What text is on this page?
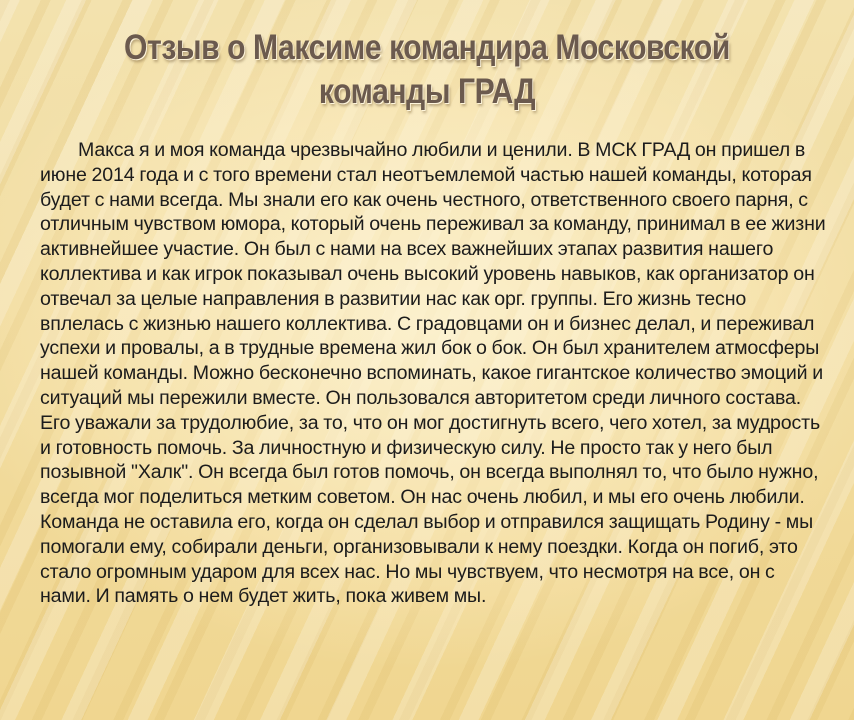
Отзыв о Максиме командира Московской
команды ГРАД

Макса я и моя команда чрезвычайно любили и ценили. В МСК ГРАД он пришел в июне 2014 года и с того времени стал неотъемлемой частью нашей команды, которая будет с нами всегда. Мы знали его как очень честного, ответственного своего парня, с отличным чувством юмора, который очень переживал за команду, принимал в ее жизни активнейшее участие. Он был с нами на всех важнейших этапах развития нашего коллектива и как игрок показывал очень высокий уровень навыков, как организатор он отвечал за целые направления в развитии нас как орг. группы. Его жизнь тесно вплелась с жизнью нашего коллектива. С градовцами он и бизнес делал, и переживал успехи и провалы, а в трудные времена жил бок о бок. Он был хранителем атмосферы нашей команды. Можно бесконечно вспоминать, какое гигантское количество эмоций и ситуаций мы пережили вместе. Он пользовался авторитетом среди личного состава. Его уважали за трудолюбие, за то, что он мог достигнуть всего, чего хотел, за мудрость и готовность помочь. За личностную и физическую силу. Не просто так у него был позывной "Халк". Он всегда был готов помочь, он всегда выполнял то, что было нужно, всегда мог поделиться метким советом. Он нас очень любил, и мы его очень любили. Команда не оставила его, когда он сделал выбор и отправился защищать Родину - мы помогали ему, собирали деньги, организовывали к нему поездки. Когда он погиб, это стало огромным ударом для всех нас. Но мы чувствуем, что несмотря на все, он с нами. И память о нем будет жить, пока живем мы.
